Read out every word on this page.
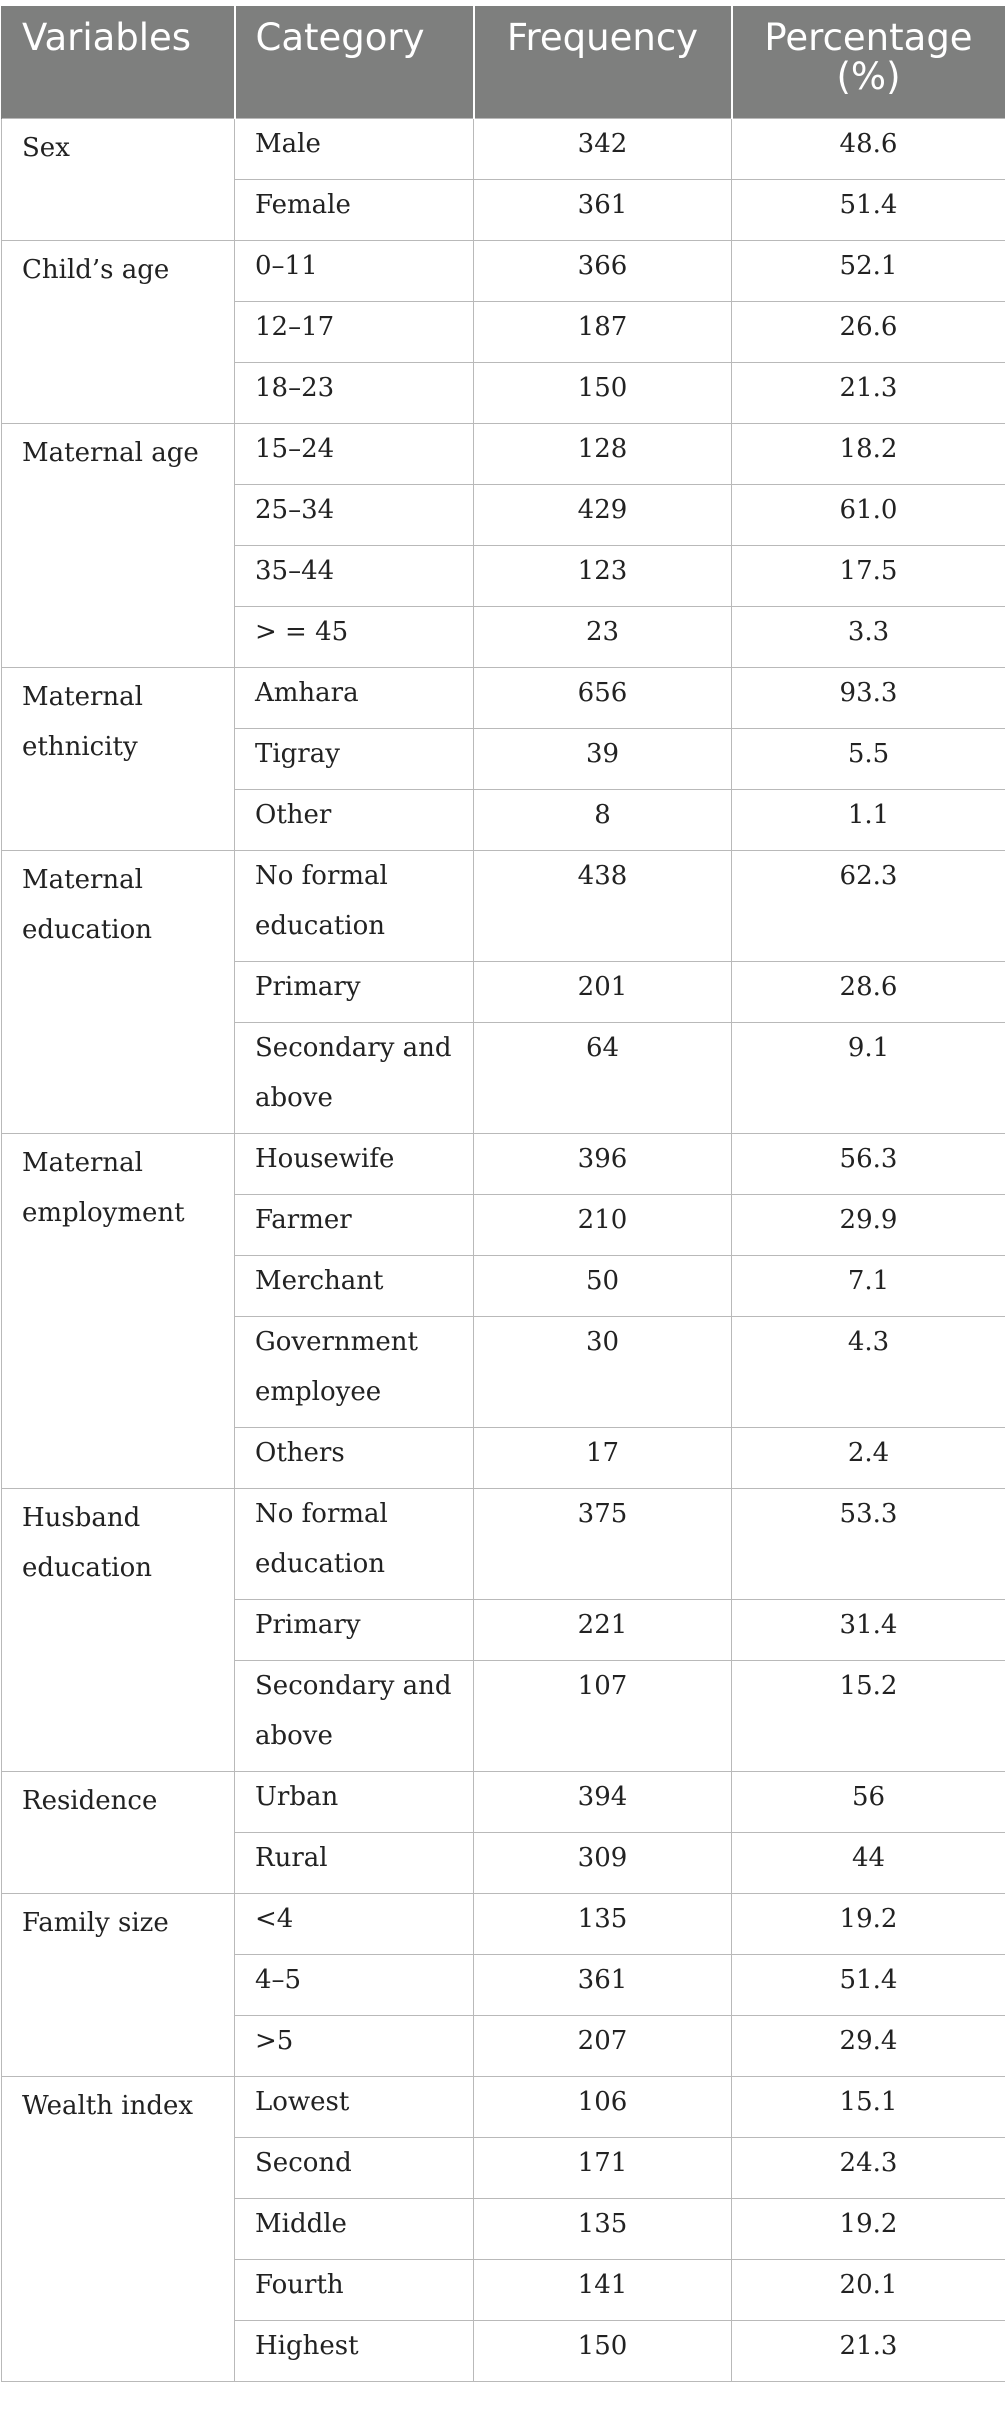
Variables	Category	Frequency	Percentage (%)
Sex	Male	342	48.6
	Female	361	51.4
Child’s age	0–11	366	52.1
	12–17	187	26.6
	18–23	150	21.3
Maternal age	15–24	128	18.2
	25–34	429	61.0
	35–44	123	17.5
	> = 45	23	3.3
Maternal ethnicity	Amhara	656	93.3
	Tigray	39	5.5
	Other	8	1.1
Maternal education	No formal education	438	62.3
	Primary	201	28.6
	Secondary and above	64	9.1
Maternal employment	Housewife	396	56.3
	Farmer	210	29.9
	Merchant	50	7.1
	Government employee	30	4.3
	Others	17	2.4
Husband education	No formal education	375	53.3
	Primary	221	31.4
	Secondary and above	107	15.2
Residence	Urban	394	56
	Rural	309	44
Family size	<4	135	19.2
	4–5	361	51.4
	>5	207	29.4
Wealth index	Lowest	106	15.1
	Second	171	24.3
	Middle	135	19.2
	Fourth	141	20.1
	Highest	150	21.3
